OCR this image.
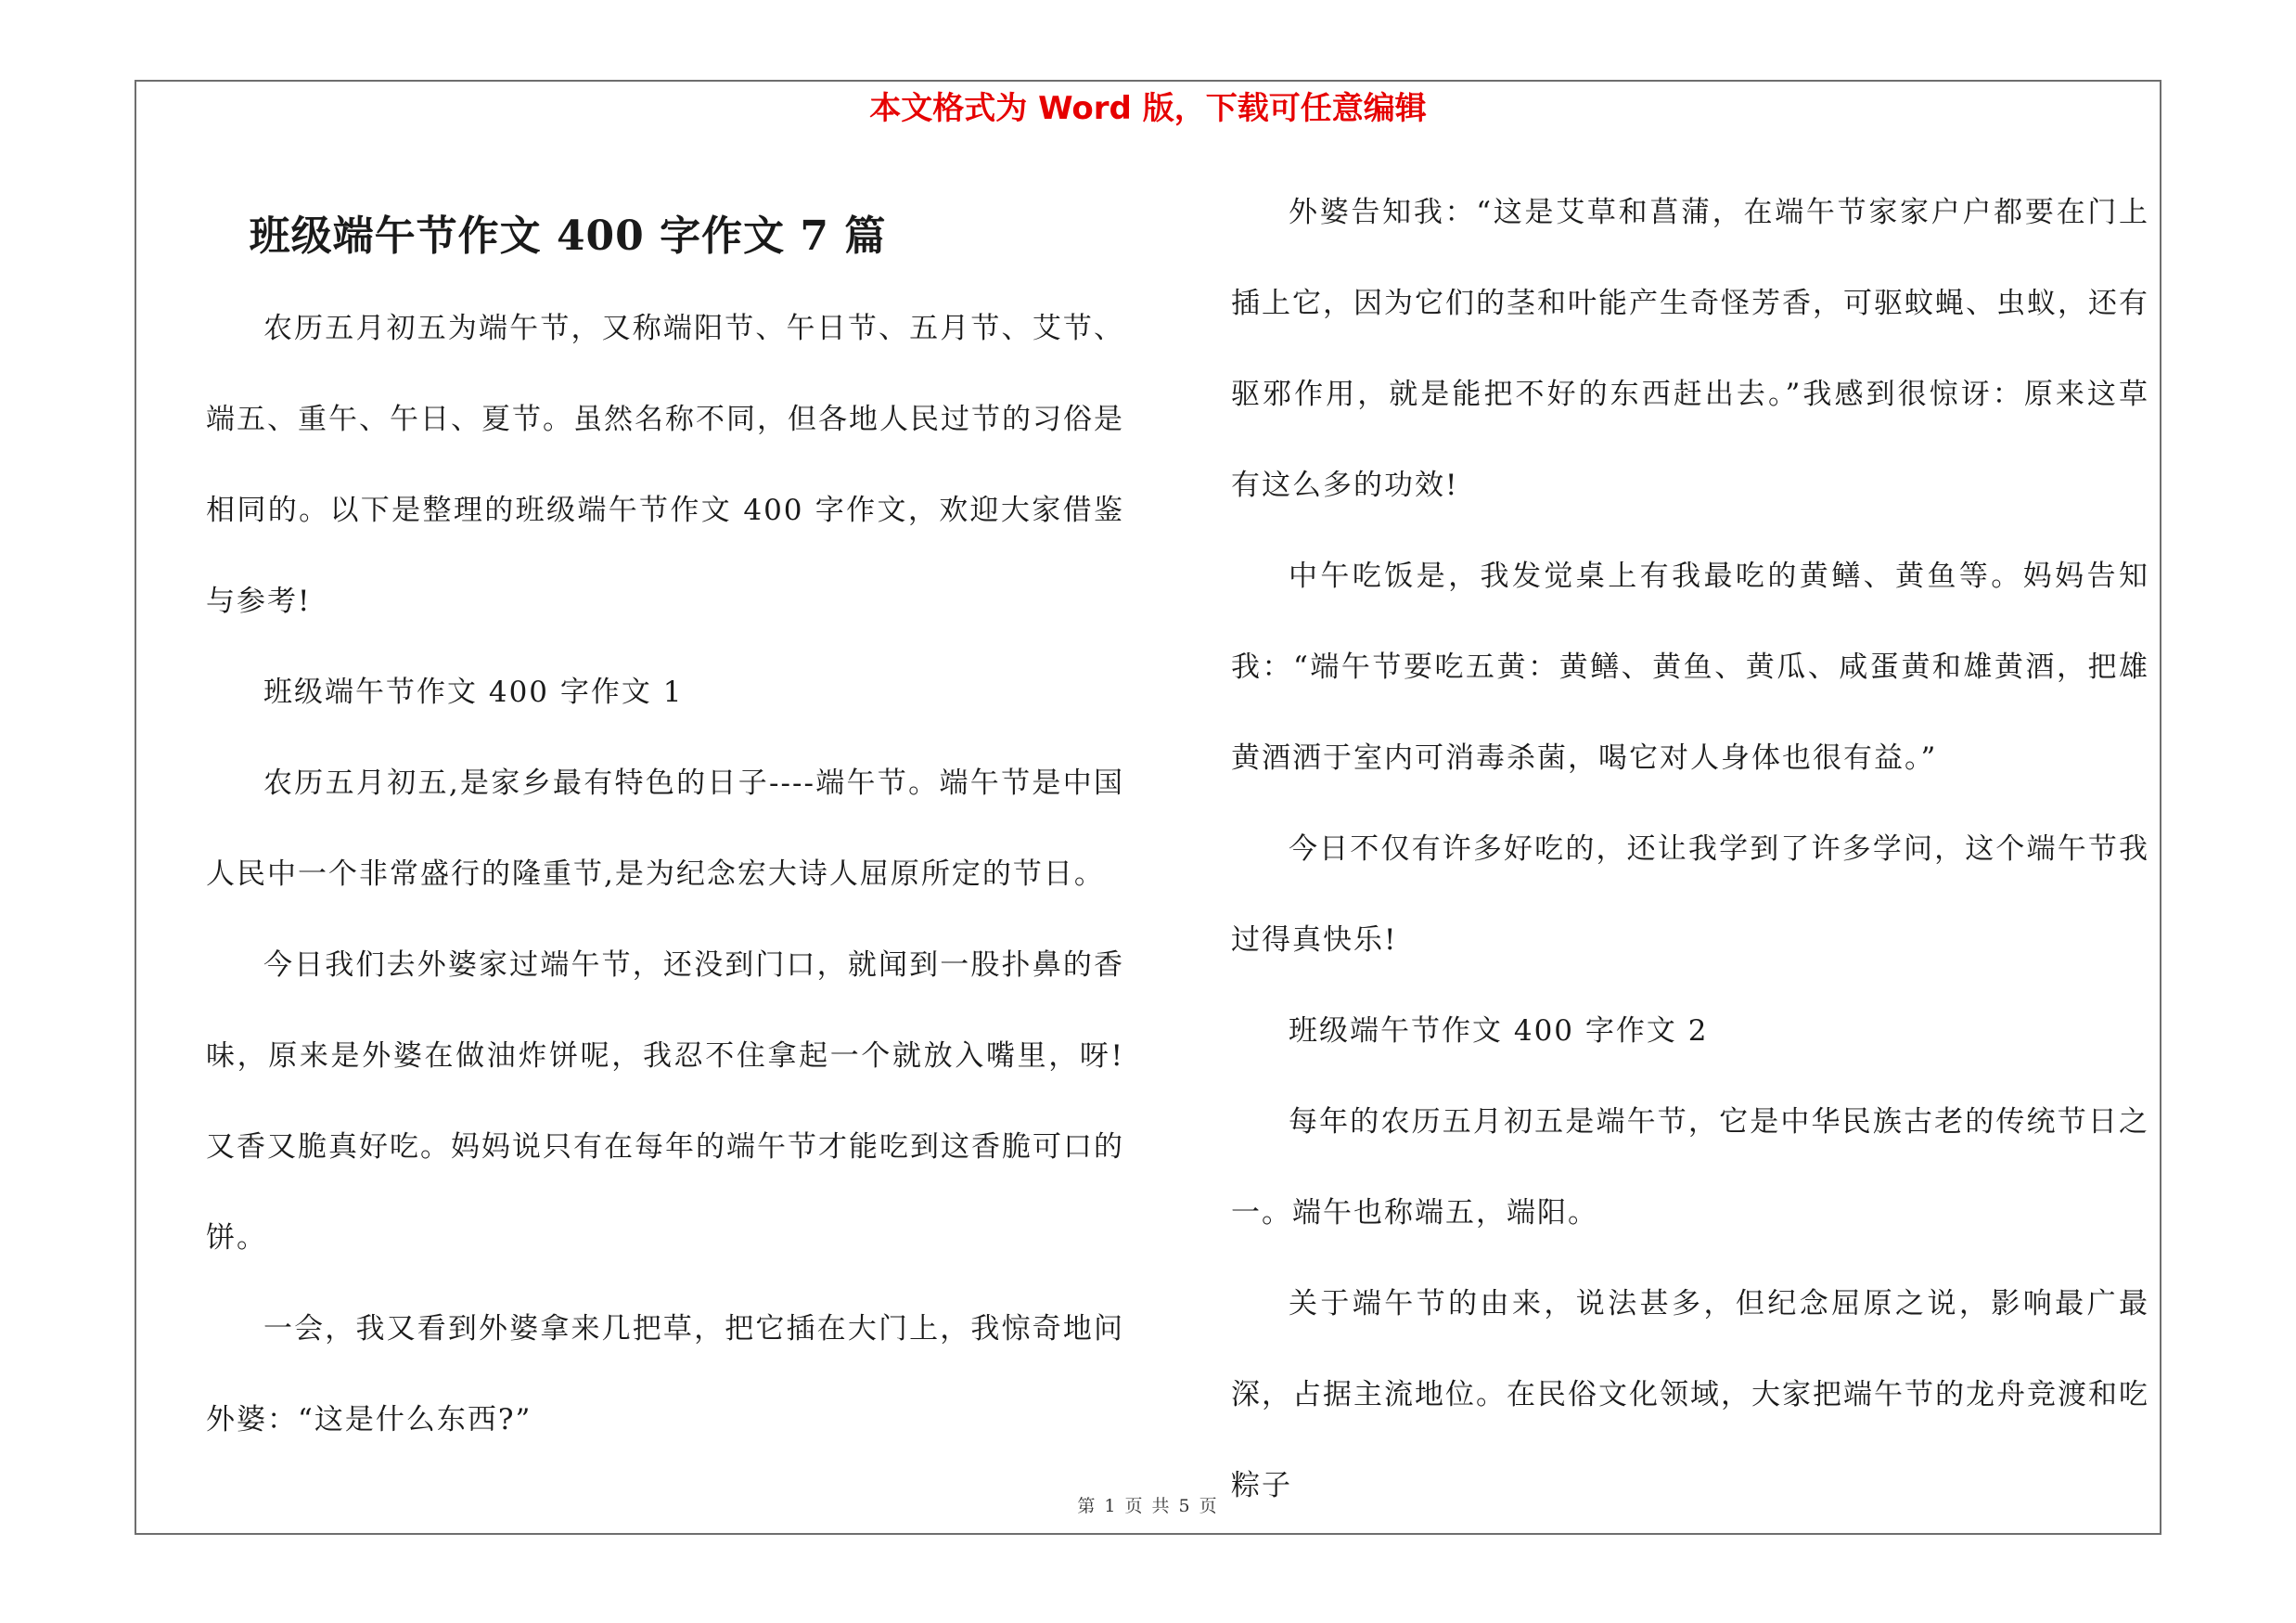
本文格式为 Word 版，下载可任意编辑
班级端午节作文 400 字作文 7 篇

农历五月初五为端午节，又称端阳节、午日节、五月节、艾节、端五、重午、午日、夏节。虽然名称不同，但各地人民过节的习俗是相同的。以下是整理的班级端午节作文 400 字作文，欢迎大家借鉴与参考!

班级端午节作文 400 字作文 1

农历五月初五,是家乡最有特色的日子----端午节。端午节是中国人民中一个非常盛行的隆重节,是为纪念宏大诗人屈原所定的节日。

今日我们去外婆家过端午节，还没到门口，就闻到一股扑鼻的香味，原来是外婆在做油炸饼呢，我忍不住拿起一个就放入嘴里，呀!又香又脆真好吃。妈妈说只有在每年的端午节才能吃到这香脆可口的饼。

一会，我又看到外婆拿来几把草，把它插在大门上，我惊奇地问外婆：“这是什么东西?”

外婆告知我：“这是艾草和菖蒲，在端午节家家户户都要在门上插上它，因为它们的茎和叶能产生奇怪芳香，可驱蚊蝇、虫蚁，还有驱邪作用，就是能把不好的东西赶出去。”我感到很惊讶：原来这草有这么多的功效!

中午吃饭是，我发觉桌上有我最吃的黄鳝、黄鱼等。妈妈告知我：“端午节要吃五黄：黄鳝、黄鱼、黄瓜、咸蛋黄和雄黄酒，把雄黄酒洒于室内可消毒杀菌，喝它对人身体也很有益。”

今日不仅有许多好吃的，还让我学到了许多学问，这个端午节我过得真快乐!

班级端午节作文 400 字作文 2

每年的农历五月初五是端午节，它是中华民族古老的传统节日之一。端午也称端五，端阳。

关于端午节的由来，说法甚多，但纪念屈原之说，影响最广最深，占据主流地位。在民俗文化领域，大家把端午节的龙舟竞渡和吃粽子

第 1 页 共 5 页
